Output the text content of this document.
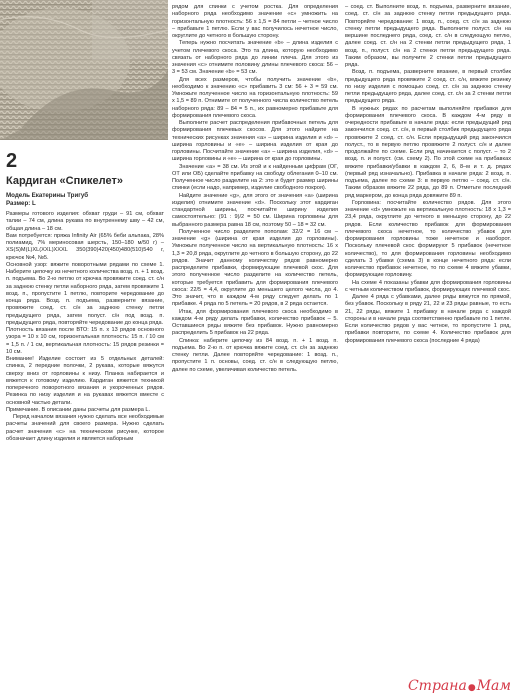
2
Кардиган «Спикелет»
Модель Екатерины Тригуб
Размер: L

Размеры готового изделия: обхват груди – 91 см, обхват талии – 74 см, длина рукава по внутреннему шву – 42 см, общая длина – 18 см.

Вам потребуется: пряжа Infinity Air (65% беби альпака, 28% полиамид, 7% мериносовая шерсть, 150–180 м/50 г) – XS(S)M(L)XL(XXL)XXXL 350(390)420(450)480(510)540 г, крючок №4, №5.

Основной узор: вяжите поворотными рядами по схеме 1. Наберите цепочку из нечетного количества возд. п. + 1 возд. п. подъема. Во 2-ю петлю от крючка провяжите соед. ст. с/н за заднюю стенку петли наборного ряда, затем провяжите 1 возд. п., пропустите 1 петлю, повторите чередование до конца ряда. Возд. п. подъема, разверните вязание, провяжите соед. ст. с/н за заднюю стенку петли предыдущего ряда, затем полуст. с/н под возд. п. предыдущего ряда, повторяйте чередование до конца ряда.

Плотность вязания после ВТО: 15 п. х 13 рядов основного узора = 10 х 10 см, горизонтальная плотность: 15 п. / 10 см = 1,5 п. / 1 см, вертикальная плотность: 15 рядов резинки = 10 см.

Внимание! Изделие состоит из 5 отдельных деталей: спинка, 2 передние полочки, 2 рукава, которые вяжутся сверху вниз от горловины к низу. Планка набирается и вяжется к готовому изделию. Кардиган вяжется техникой поперечного поворотного вязания и укороченных рядов. Резинка по низу изделия и на рукавах вяжется вместе с основной частью детали.

Примечание. В описании даны расчеты для размера L.

Перед началом вязания нужно сделать все необходимые расчеты значений для своего размера. Нужно сделать расчет значения «с» на техническом рисунке, которое обозначает длину изделия и является наборным

рядом для спинки с учетом ростка. Для определения наборного ряда необходимо значение «с» умножить на горизонтальную плотность: 56 х 1,5 = 84 петли – четное число – прибавьте 1 петлю. Если у вас получилось нечетное число, округлите до четного в большую сторону.

Теперь нужно посчитать значение «b» – длина изделия с учетом плечевого скоса. Это та длина, которую необходимо связать от наборного ряда до линии плеча. Для этого из значения «с» отнимите половину длины плечевого скоса: 56 – 3 = 53 см. Значение «b» = 53 см.

Для всех размеров, чтобы получить значение «b», необходимо к значению «с» прибавить 3 см: 56 + 3 = 59 см. Умножьте полученное число на горизонтальную плотность: 59 х 1,5 = 89 п. Отнимите от полученного числа количество петель наборного ряда: 89 – 84 = 5 п., их равномерно прибавьте для формирования плечевого скоса.

Выполните расчет распределения прибавочных петель для формирования плечевых скосов. Для этого найдите на технических рисунках значения «а» – ширина изделия и «d» – ширина горловины и «е» – ширина изделия от края до горловины. Посчитайте значение «а» – ширина изделия, «d» – ширина горловины и «е» – ширина от края до горловины.

Значение «а» = 38 см. Из этой и к найденным цифрам (ОГ, ОТ или ОБ) сделайте прибавку на свободу облегания 0–10 см. Полученное число разделите на 2: это и будет размер ширины спинки (если надо, например, изделие свободного покроя).

Найдите значение «g», для этого от значения «а» (ширина изделия) отнимите значение «d». Поскольку этот кардиган стандартной ширины, посчитайте ширину изделия самостоятельно: (91 : 9)/2 = 50 см. Ширина горловины для выбранного размера равна 18 см, поэтому 50 – 18 = 32 см.

Полученное число разделите пополам: 32/2 = 16 см – значение «g» (ширина от края изделия до горловины). Умножьте полученное число на вертикальную плотность: 16 х 1,3 = 20,8 ряда, округлите до четного в большую сторону, до 22 рядов. Значит данному количеству рядов равномерно распределите прибавки, формирующие плечевой скос. Для этого полученное число разделите на количество петель, которые требуется прибавить для формирования плечевого скоса: 22/5 = 4,4, округлите до меньшего целого числа, до 4. Это значит, что в каждом 4-м ряду следует делать по 1 прибавке. 4 ряда по 5 петель = 20 рядов, в 2 ряда остается.

Итак, для формирования плечевого скоса необходимо в каждом 4-м ряду делать прибавки, количество прибавок – 5. Оставшиеся ряды вяжите без прибавок. Нужно равномерно распределить 5 прибавок на 22 ряда.

Спинка: наберите цепочку из 84 возд. п. + 1 возд. п. подъема. Во 2-ю п. от крючка вяжите соед. ст. с/н за заднюю стенку петли. Далее повторяйте чередование: 1 возд. п., пропустите 1 п. основы, соед. ст. с/н в следующую петлю, далее по схеме, увеличивая количество петель.

– соед. ст. Выполните возд. п. подъема, разверните вязание, соед. ст. с/н за заднюю стенку петли предыдущего ряда. Повторяйте чередование: 1 возд. п., соед. ст. с/н за заднюю стенку петли предыдущего ряда. Выполните полуст. с/н на вершине последнего ряда, соед. ст. с/н в следующую петлю, далее соед. ст. с/н на 2 стенки петли предыдущего ряда, 1 возд. п., полуст. с/н на 2 стенки петли предыдущего ряда. Таким образом, вы получите 2 стенки петли предыдущего ряда.

Возд. п. подъема, разверните вязание, в первый столбик предыдущего ряда провяжите 2 соед. ст. с/н, вяжите резинку по низу изделия с помощью соед. ст. с/н за заднюю стенку петли предыдущего ряда, далее соед. ст. с/н за 2 стенки петли предыдущего ряда.

В нужных рядах по расчетам выполняйте прибавки для формирования плечевого скоса. В каждом 4-м ряду в очередности прибавьте в начале ряда: если предыдущий ряд закончился соед. ст. с/н, в первый столбик предыдущего ряда провяжите 2 соед. ст. с/н. Если предыдущий ряд закончился полуст., то в первую петлю провяжите 2 полуст. с/н и далее продолжайте по схеме. Если ряд начинается с полуст. – то 2 возд. п. и полуст. (см. схему 2). По этой схеме на прибавках вяжите прибавки/убавки в каждом 2, 6, 8–м и т. д. рядах (первый ряд изначально). Прибавка в начале ряда: 2 возд. п. подъема, далее по схеме 3: в первую петлю – соед. ст. с/н. Таким образом вяжите 22 ряда, до 89 п. Отметьте последний ряд маркером, до конца ряда довяжите 89 п.

Горловина: посчитайте количество рядов. Для этого значение «d» умножьте на вертикальную плотность: 18 х 1,3 = 23,4 ряда, округлите до четного в меньшую сторону, до 22 рядов. Если количество прибавок для формирования плечевого скоса нечетное, то количество убавок для формирования горловины тоже нечетное и наоборот. Поскольку плечевой скос формируют 5 прибавок (нечетное количество), то для формирования горловины необходимо сделать 3 убавки (схема 3) в конце нечетного ряда: если количество прибавок нечетное, то по схеме 4 вяжите убавки, формирующие горловину.

На схеме 4 показаны убавки для формирования горловины с четным количеством прибавок, формирующих плечевой скос.

Далее 4 ряда с убавками, далее ряды вяжутся по прямой, без убавок. Поскольку в ряду 21, 22 и 23 ряды равные, то есть 21, 22 ряды, вяжите 1 прибавку в начале ряда с каждой стороны и в начале ряда соответственно прибавьте по 1 петле. Если количество рядов у вас четное, то пропустите 1 ряд, прибавки повторите, по схеме 4. Количество прибавок для формирования плечевого скоса (последние 4 ряда)

Страна●Мам
